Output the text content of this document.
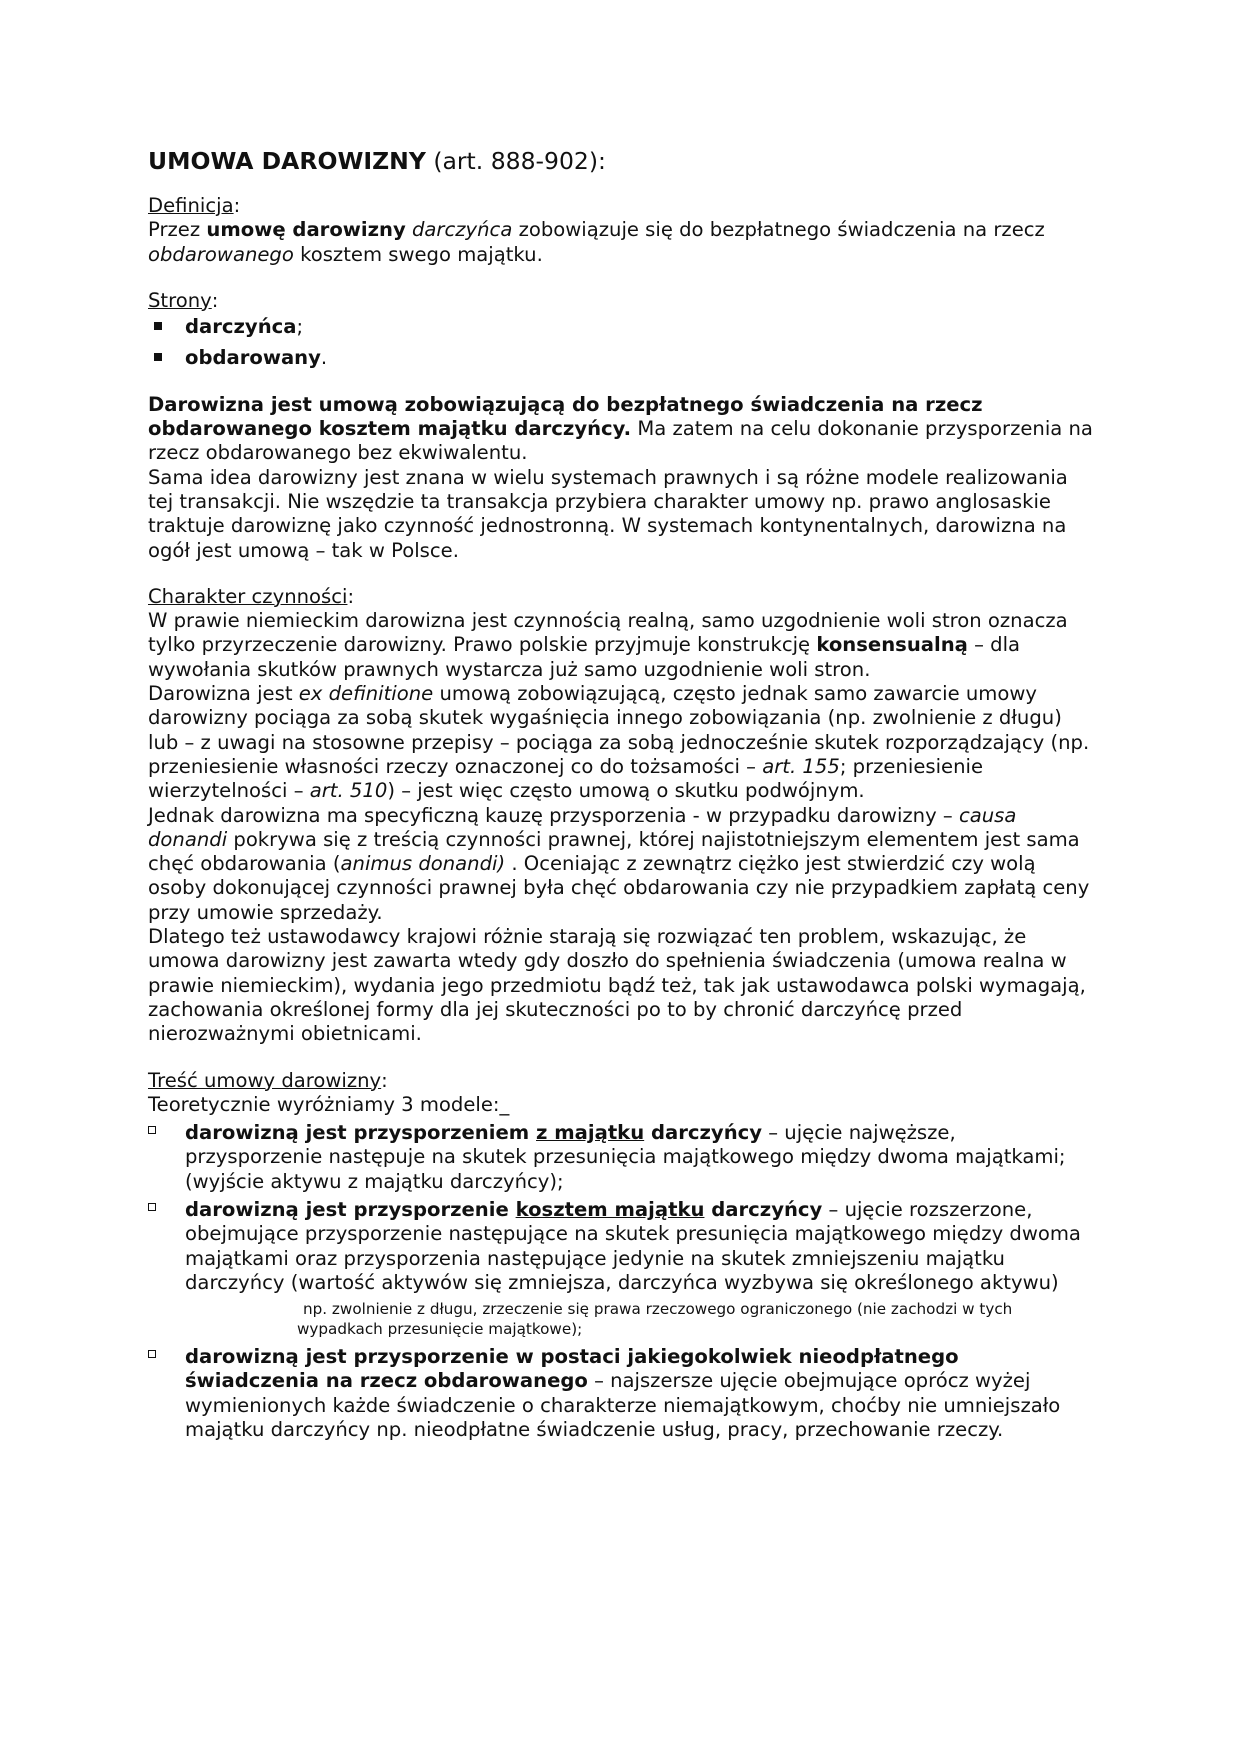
UMOWA DAROWIZNY (art. 888-902):
Definicja:

Przez umowę darowizny darczyńca zobowiązuje się do bezpłatnego świadczenia na rzecz obdarowanego kosztem swego majątku.

Strony:
darczyńca;
obdarowany.

Darowizna jest umową zobowiązującą do bezpłatnego świadczenia na rzecz obdarowanego kosztem majątku darczyńcy. Ma zatem na celu dokonanie przysporzenia na rzecz obdarowanego bez ekwiwalentu.

Sama idea darowizny jest znana w wielu systemach prawnych i są różne modele realizowania tej transakcji. Nie wszędzie ta transakcja przybiera charakter umowy np. prawo anglosaskie traktuje darowiznę jako czynność jednostronną. W systemach kontynentalnych, darowizna na ogół jest umową – tak w Polsce.

Charakter czynności:

W prawie niemieckim darowizna jest czynnością realną, samo uzgodnienie woli stron oznacza tylko przyrzeczenie darowizny. Prawo polskie przyjmuje konstrukcję konsensualną – dla wywołania skutków prawnych wystarcza już samo uzgodnienie woli stron.

Darowizna jest ex definitione umową zobowiązującą, często jednak samo zawarcie umowy darowizny pociąga za sobą skutek wygaśnięcia innego zobowiązania (np. zwolnienie z długu) lub – z uwagi na stosowne przepisy – pociąga za sobą jednocześnie skutek rozporządzający (np. przeniesienie własności rzeczy oznaczonej co do tożsamości – art. 155; przeniesienie wierzytelności – art. 510) – jest więc często umową o skutku podwójnym.

Jednak darowizna ma specyficzną kauzę przysporzenia - w przypadku darowizny – causa donandi pokrywa się z treścią czynności prawnej, której najistotniejszym elementem jest sama chęć obdarowania (animus donandi) . Oceniając z zewnątrz ciężko jest stwierdzić czy wolą osoby dokonującej czynności prawnej była chęć obdarowania czy nie przypadkiem zapłatą ceny przy umowie sprzedaży.

Dlatego też ustawodawcy krajowi różnie starają się rozwiązać ten problem, wskazując, że umowa darowizny jest zawarta wtedy gdy doszło do spełnienia świadczenia (umowa realna w prawie niemieckim), wydania jego przedmiotu bądź też, tak jak ustawodawca polski wymagają, zachowania określonej formy dla jej skuteczności po to by chronić darczyńcę przed nierozważnymi obietnicami.

Treść umowy darowizny:

Teoretycznie wyróżniamy 3 modele:_

darowizną jest przysporzeniem z majątku darczyńcy – ujęcie najwęższe, przysporzenie następuje na skutek przesunięcia majątkowego między dwoma majątkami; (wyjście aktywu z majątku darczyńcy);
darowizną jest przysporzenie kosztem majątku darczyńcy – ujęcie rozszerzone, obejmujące przysporzenie następujące na skutek presunięcia majątkowego między dwoma majątkami oraz przysporzenia następujące jedynie na skutek zmniejszeniu majątku darczyńcy (wartość aktywów się zmniejsza, darczyńca wyzbywa się określonego aktywu)
np. zwolnienie z długu, zrzeczenie się prawa rzeczowego ograniczonego (nie zachodzi w tych
wypadkach przesunięcie majątkowe);
darowizną jest przysporzenie w postaci jakiegokolwiek nieodpłatnego świadczenia na rzecz obdarowanego – najszersze ujęcie obejmujące oprócz wyżej wymienionych każde świadczenie o charakterze niemajątkowym, choćby nie umniejszało majątku darczyńcy np. nieodpłatne świadczenie usług, pracy, przechowanie rzeczy.
